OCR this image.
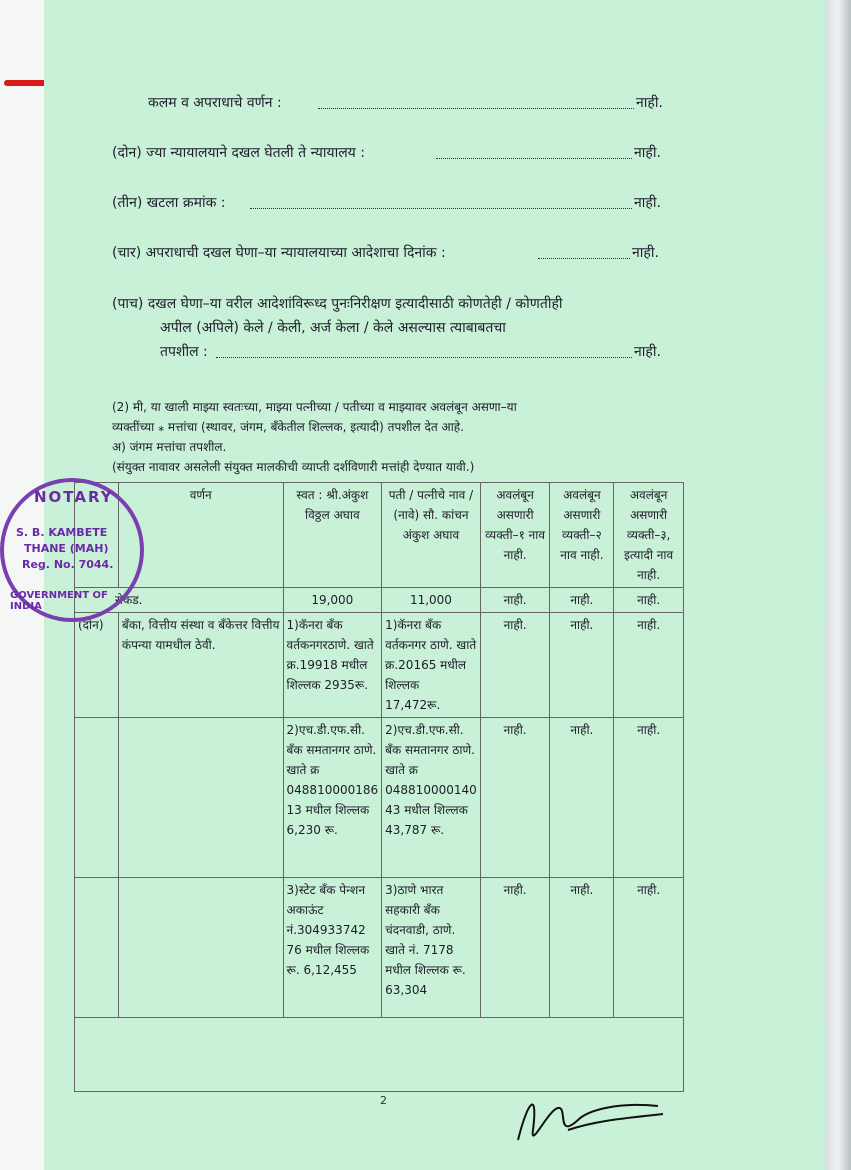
कलम व अपराधाचे वर्णन :	नाही.
(दोन) ज्या न्यायालयाने दखल घेतली ते न्यायालय :	नाही.
(तीन) खटला क्रमांक :	नाही.
(चार) अपराधाची दखल घेणा–या न्यायालयाच्या आदेशाचा दिनांक :	नाही.
(पाच) दखल घेणा–या वरील आदेशांविरूध्द पुनःनिरीक्षण इत्यादीसाठी कोणतेही / कोणतीही
अपील (अपिले) केले / केली, अर्ज केला / केले असल्यास त्याबाबतचा
तपशील :	नाही.
(2) मी, या खाली माझ्या स्वतःच्या, माझ्या पत्नीच्या / पतीच्या व माझ्यावर अवलंबून असणा–या
व्यक्तींच्या ⁎ मत्तांचा (स्थावर, जंगम, बॅंकेतील शिल्लक, इत्यादी) तपशील देत आहे.
अ) जंगम मत्तांचा तपशील.
(संयुक्त नावावर असलेली संयुक्त मालकीची व्याप्ती दर्शविणारी मत्तांही देण्यात यावी.)
	वर्णन	स्वत : श्री.अंकुश विठ्ठल अघाव	पती / पत्नीचे नाव / (नावे) सौ. कांचन अंकुश अघाव	अवलंबून असणारी व्यक्ती–१ नाव नाही.	अवलंबून असणारी व्यक्ती–२ नाव नाही.	अवलंबून असणारी व्यक्ती–३, इत्यादी नाव नाही.
रोकड.		19,000	11,000	नाही.	नाही.	नाही.
(दोन)	बॅंका, वित्तीय संस्था व बॅंकेत्तर वित्तीय कंपन्या यामधील ठेवी.	1)कॅनरा बॅंक वर्तकनगरठाणे. खाते क्र.19918 मधील शिल्लक 2935रू.	1)कॅनरा बॅंक वर्तकनगर ठाणे. खाते क्र.20165 मधील शिल्लक 17,472रू.	नाही.	नाही.	नाही.
		2)एच.डी.एफ.सी. बॅंक समतानगर ठाणे. खाते क्र 048810000186 13 मधील शिल्लक 6,230 रू.	2)एच.डी.एफ.सी. बॅंक समतानगर ठाणे. खाते क्र 048810000140 43 मधील शिल्लक 43,787 रू.	नाही.	नाही.	नाही.
		3)स्टेट बॅंक पेन्शन अकाऊंट नं.304933742 76 मधील शिल्लक रू. 6,12,455	3)ठाणे भारत सहकारी बॅंक चंदनवाडी, ठाणे. खाते नं. 7178 मधील शिल्लक रू. 63,304	नाही.	नाही.	नाही.

NOTARY
S. B. KAMBETE
THANE (MAH)
Reg. No. 7044.
GOVERNMENT OF INDIA
2
